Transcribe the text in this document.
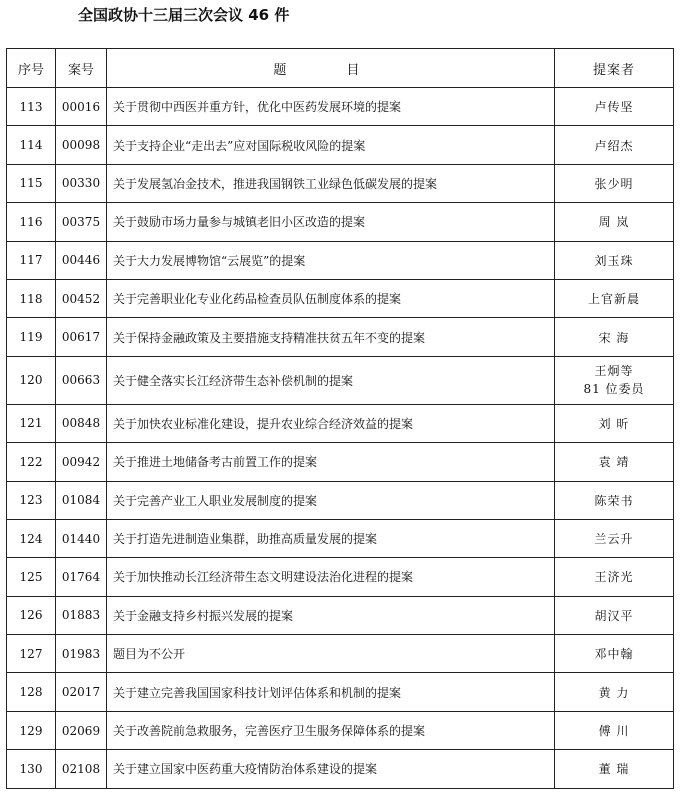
全国政协十三届三次会议 46 件
序号	案号	题 目	提案者
113	00016	关于贯彻中西医并重方针，优化中医药发展环境的提案	卢传坚
114	00098	关于支持企业“走出去”应对国际税收风险的提案	卢绍杰
115	00330	关于发展氢冶金技术，推进我国钢铁工业绿色低碳发展的提案	张少明
116	00375	关于鼓励市场力量参与城镇老旧小区改造的提案	周 岚
117	00446	关于大力发展博物馆“云展览”的提案	刘玉珠
118	00452	关于完善职业化专业化药品检查员队伍制度体系的提案	上官新晨
119	00617	关于保持金融政策及主要措施支持精准扶贫五年不变的提案	宋 海
120	00663	关于健全落实长江经济带生态补偿机制的提案	王炯等
81 位委员

121	00848	关于加快农业标准化建设，提升农业综合经济效益的提案	刘 昕
122	00942	关于推进土地储备考古前置工作的提案	袁 靖
123	01084	关于完善产业工人职业发展制度的提案	陈荣书
124	01440	关于打造先进制造业集群，助推高质量发展的提案	兰云升
125	01764	关于加快推动长江经济带生态文明建设法治化进程的提案	王济光
126	01883	关于金融支持乡村振兴发展的提案	胡汉平
127	01983	题目为不公开	邓中翰
128	02017	关于建立完善我国国家科技计划评估体系和机制的提案	黄 力
129	02069	关于改善院前急救服务，完善医疗卫生服务保障体系的提案	傅 川
130	02108	关于建立国家中医药重大疫情防治体系建设的提案	董 瑞
